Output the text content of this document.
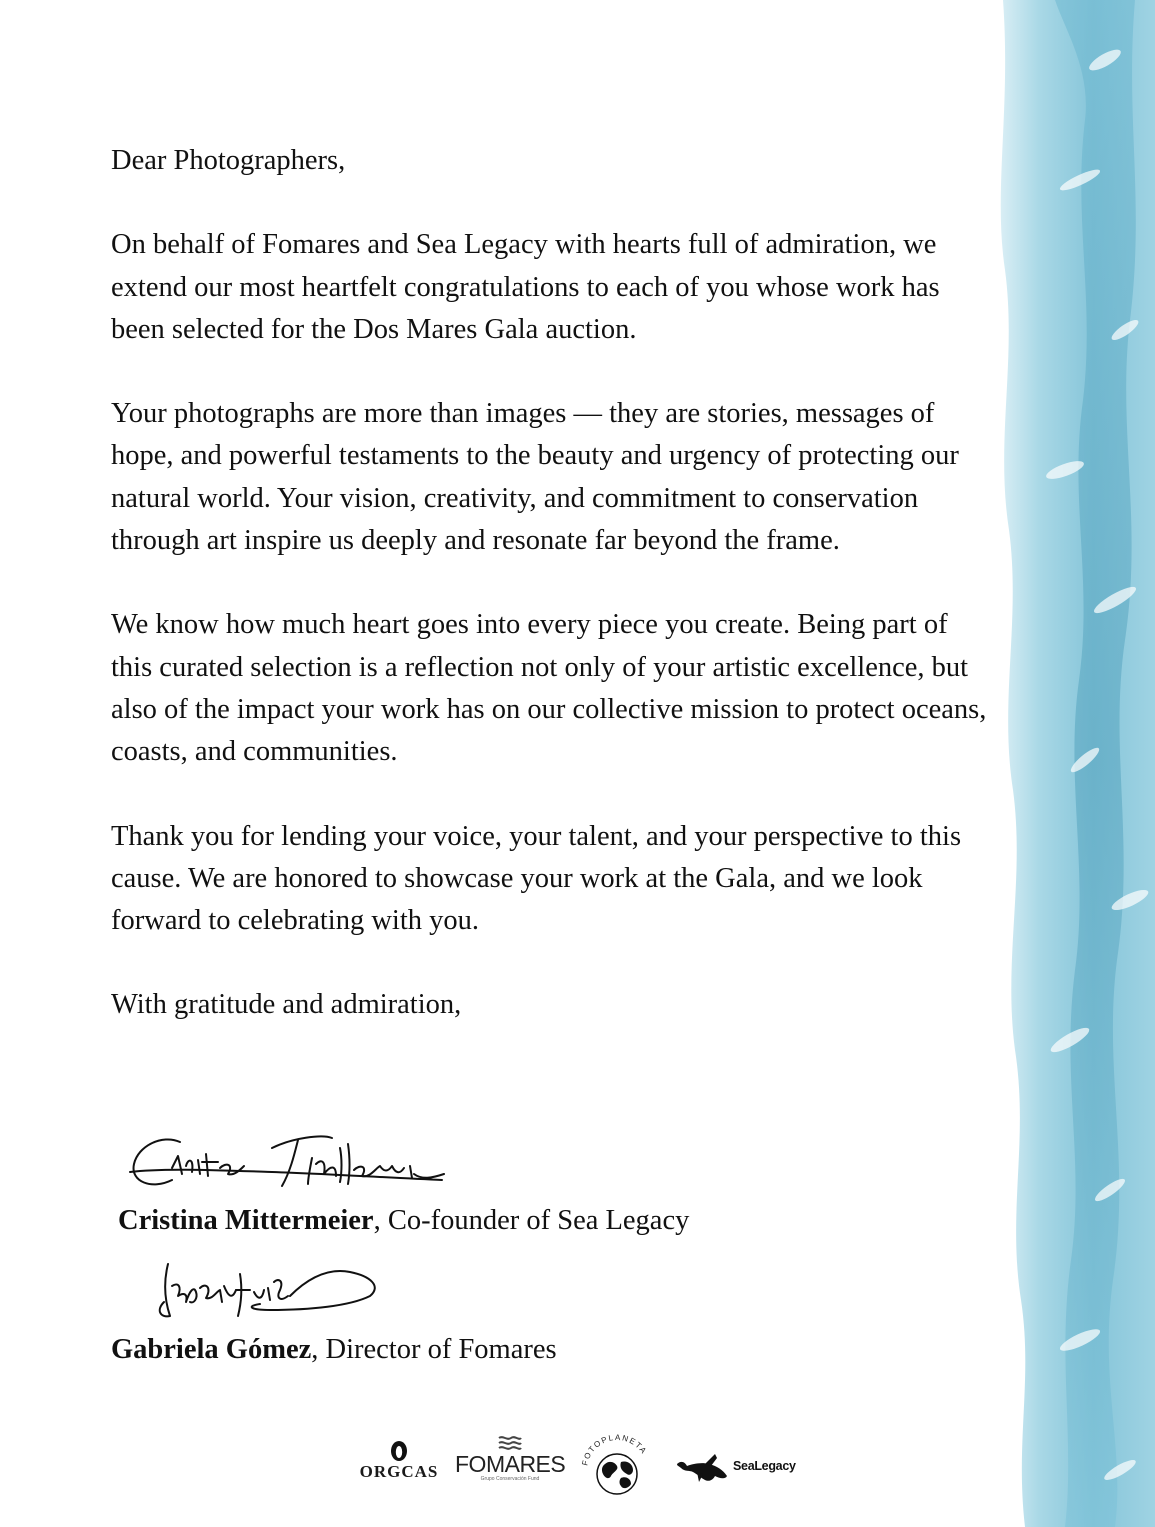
Dear Photographers,

On behalf of Fomares and Sea Legacy with hearts full of admiration, we extend our most heartfelt congratulations to each of you whose work has been selected for the Dos Mares Gala auction.

Your photographs are more than images — they are stories, messages of hope, and powerful testaments to the beauty and urgency of protecting our natural world. Your vision, creativity, and commitment to conservation through art inspire us deeply and resonate far beyond the frame.

We know how much heart goes into every piece you create. Being part of this curated selection is a reflection not only of your artistic excellence, but also of the impact your work has on our collective mission to protect oceans, coasts, and communities.

Thank you for lending your voice, your talent, and your perspective to this cause. We are honored to showcase your work at the Gala, and we look forward to celebrating with you.

With gratitude and admiration,

Cristina Mittermeier, Co-founder of Sea Legacy
Gabriela Gómez, Director of Fomares
ORGCAS FOMARES
Grupo Conservación Fund
FOTOPLANETA
SeaLegacy
